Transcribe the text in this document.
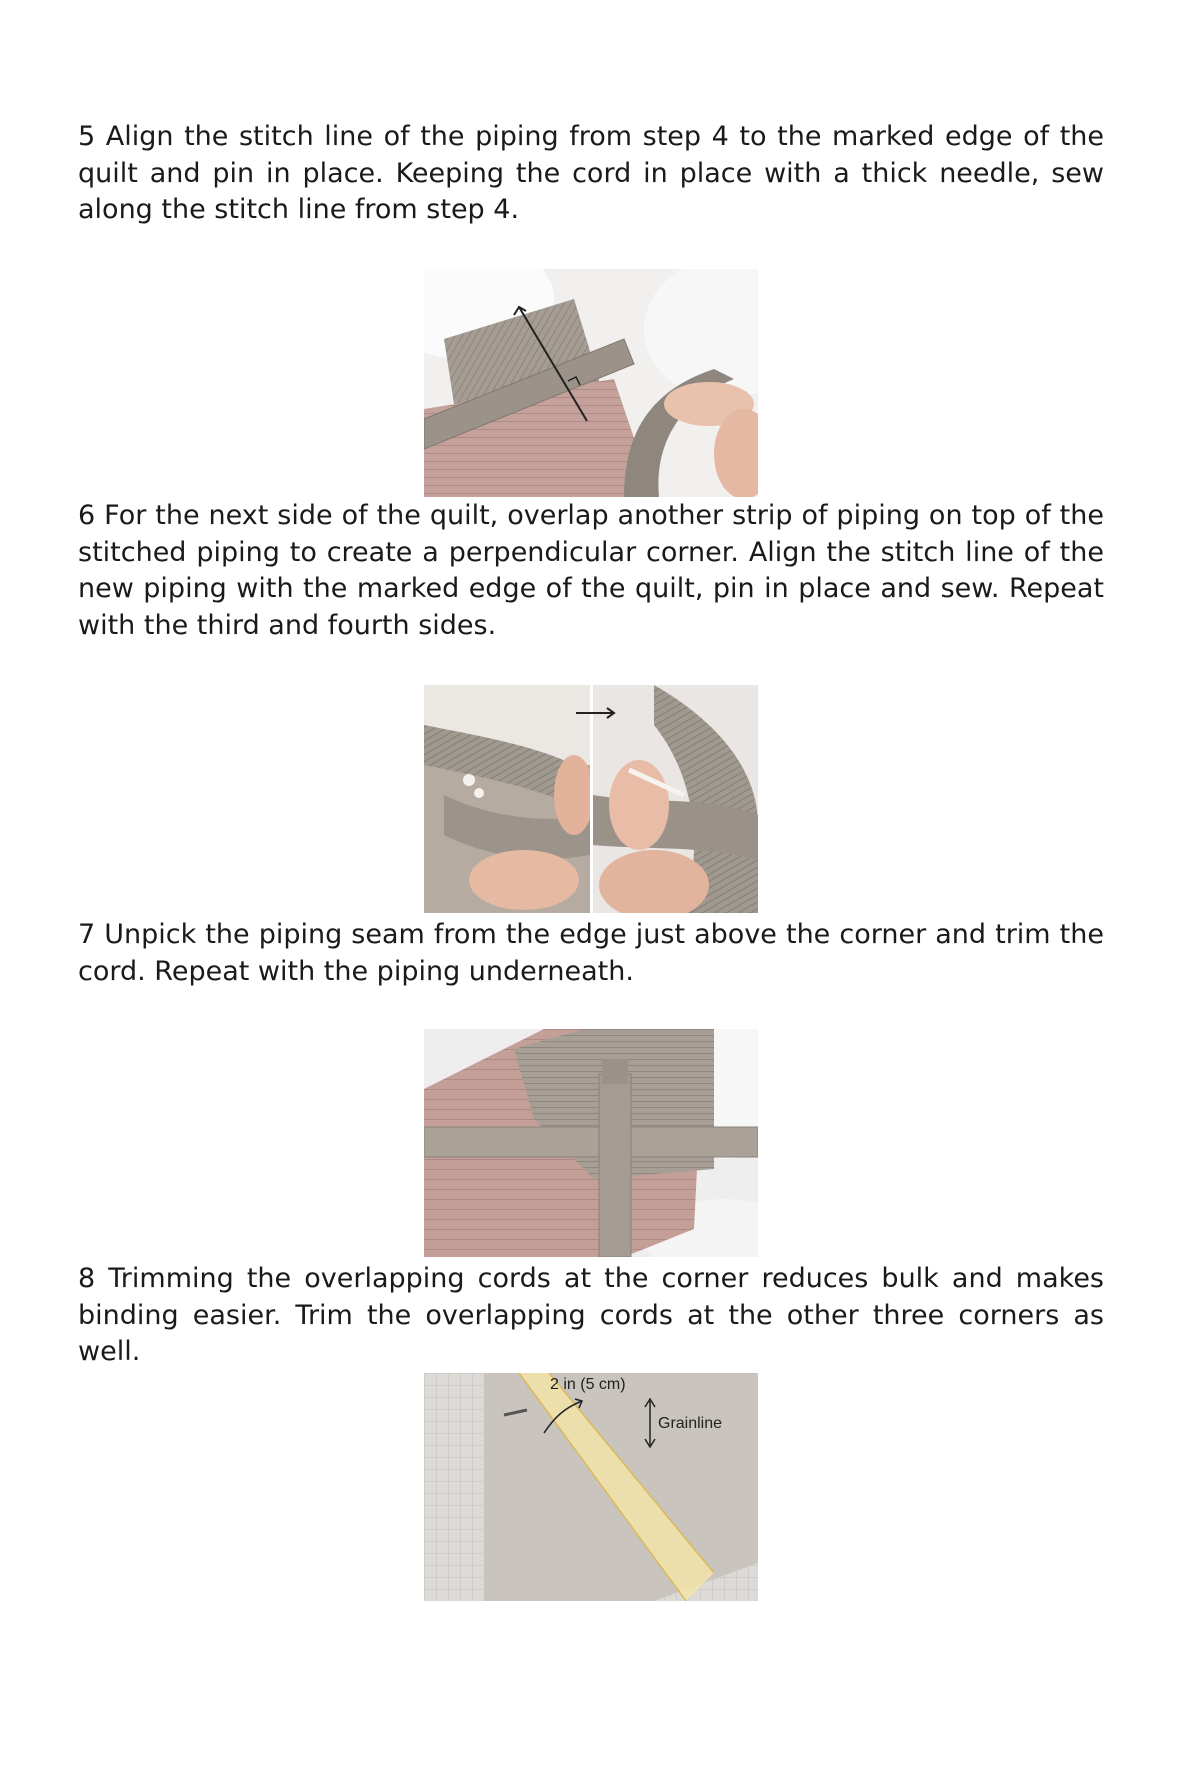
5 Align the stitch line of the piping from step 4 to the marked edge of the quilt and pin in place. Keeping the cord in place with a thick needle, sew along the stitch line from step 4.

6 For the next side of the quilt, overlap another strip of piping on top of the stitched piping to create a perpendicular corner. Align the stitch line of the new piping with the marked edge of the quilt, pin in place and sew. Repeat with the third and fourth sides.

7 Unpick the piping seam from the edge just above the corner and trim the cord. Repeat with the piping underneath.

8 Trimming the overlapping cords at the corner reduces bulk and makes binding easier. Trim the overlapping cords at the other three corners as well.

2 in (5 cm)
Grainline
